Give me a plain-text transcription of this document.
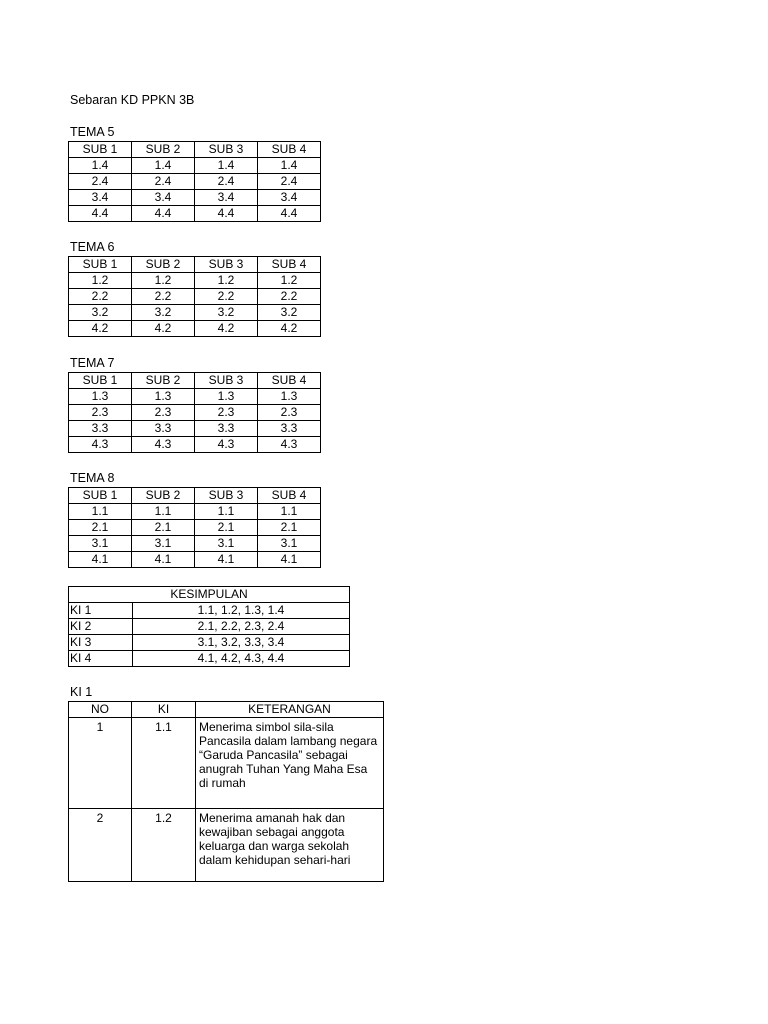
Sebaran KD PPKN 3B
TEMA 5
SUB 1	SUB 2	SUB 3	SUB 4
1.4	1.4	1.4	1.4
2.4	2.4	2.4	2.4
3.4	3.4	3.4	3.4
4.4	4.4	4.4	4.4
TEMA 6
SUB 1	SUB 2	SUB 3	SUB 4
1.2	1.2	1.2	1.2
2.2	2.2	2.2	2.2
3.2	3.2	3.2	3.2
4.2	4.2	4.2	4.2
TEMA 7
SUB 1	SUB 2	SUB 3	SUB 4
1.3	1.3	1.3	1.3
2.3	2.3	2.3	2.3
3.3	3.3	3.3	3.3
4.3	4.3	4.3	4.3
TEMA 8
SUB 1	SUB 2	SUB 3	SUB 4
1.1	1.1	1.1	1.1
2.1	2.1	2.1	2.1
3.1	3.1	3.1	3.1
4.1	4.1	4.1	4.1
KESIMPULAN	
KI 1	1.1, 1.2, 1.3, 1.4
KI 2	2.1, 2.2, 2.3, 2.4
KI 3	3.1, 3.2, 3.3, 3.4
KI 4	4.1, 4.2, 4.3, 4.4
KI 1
NO	KI	KETERANGAN
1	1.1	Menerima simbol sila-sila Pancasila dalam lambang negara “Garuda Pancasila” sebagai anugrah Tuhan Yang Maha Esa di rumah
2	1.2	Menerima amanah hak dan kewajiban sebagai anggota keluarga dan warga sekolah dalam kehidupan sehari-hari
